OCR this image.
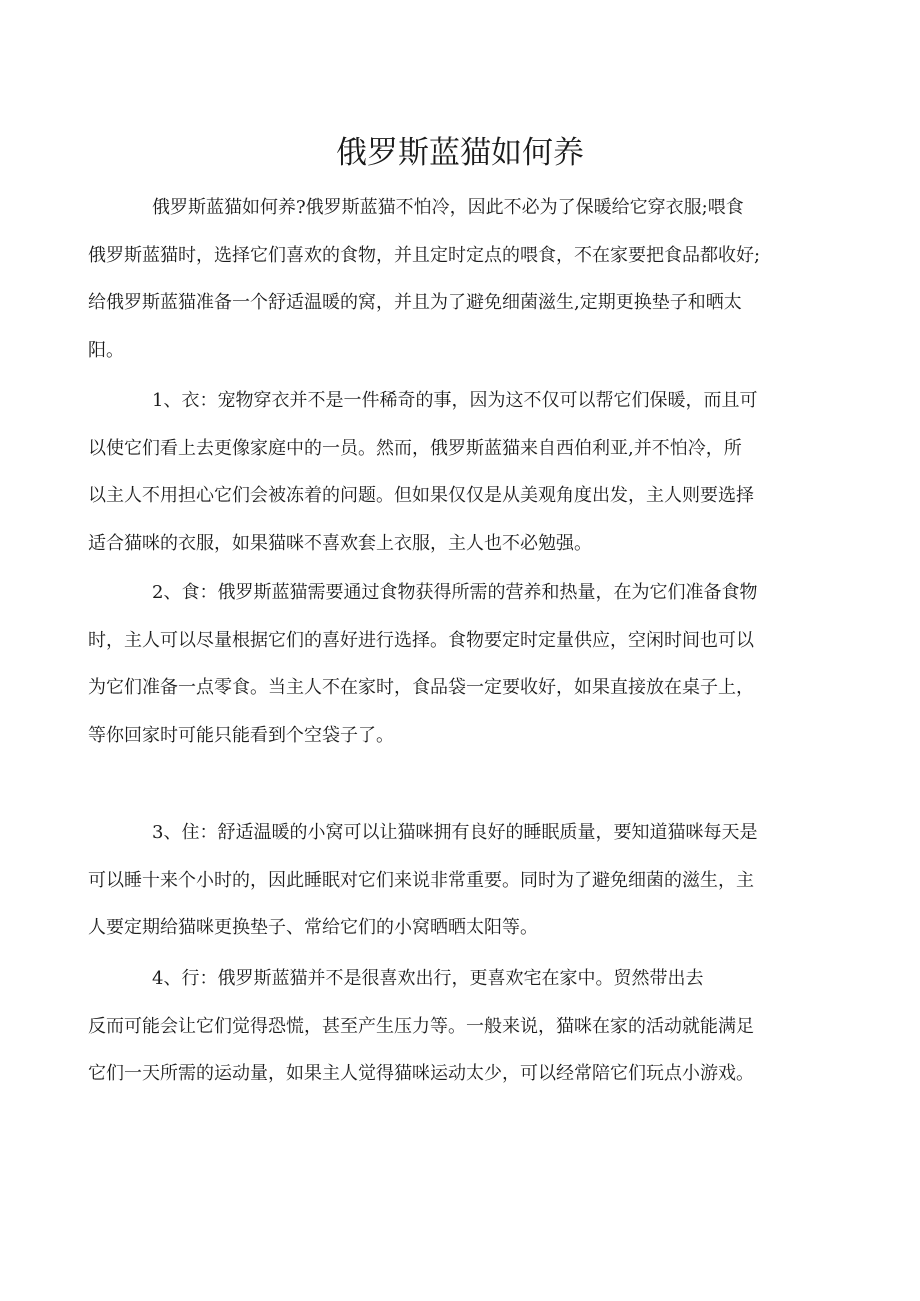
俄罗斯蓝猫如何养
俄罗斯蓝猫如何养?俄罗斯蓝猫不怕冷，因此不必为了保暖给它穿衣服;喂食
俄罗斯蓝猫时，选择它们喜欢的食物，并且定时定点的喂食，不在家要把食品都收好;
给俄罗斯蓝猫准备一个舒适温暖的窝，并且为了避免细菌滋生,定期更换垫子和晒太
阳。
1、衣：宠物穿衣并不是一件稀奇的事，因为这不仅可以帮它们保暖，而且可
以使它们看上去更像家庭中的一员。然而，俄罗斯蓝猫来自西伯利亚,并不怕冷，所
以主人不用担心它们会被冻着的问题。但如果仅仅是从美观角度出发，主人则要选择
适合猫咪的衣服，如果猫咪不喜欢套上衣服，主人也不必勉强。
2、食：俄罗斯蓝猫需要通过食物获得所需的营养和热量，在为它们准备食物
时，主人可以尽量根据它们的喜好进行选择。食物要定时定量供应，空闲时间也可以
为它们准备一点零食。当主人不在家时，食品袋一定要收好，如果直接放在桌子上，
等你回家时可能只能看到个空袋子了。
3、住：舒适温暖的小窝可以让猫咪拥有良好的睡眠质量，要知道猫咪每天是
可以睡十来个小时的，因此睡眠对它们来说非常重要。同时为了避免细菌的滋生，主
人要定期给猫咪更换垫子、常给它们的小窝晒晒太阳等。
4、行：俄罗斯蓝猫并不是很喜欢出行，更喜欢宅在家中。贸然带出去
反而可能会让它们觉得恐慌，甚至产生压力等。一般来说，猫咪在家的活动就能满足
它们一天所需的运动量，如果主人觉得猫咪运动太少，可以经常陪它们玩点小游戏。
